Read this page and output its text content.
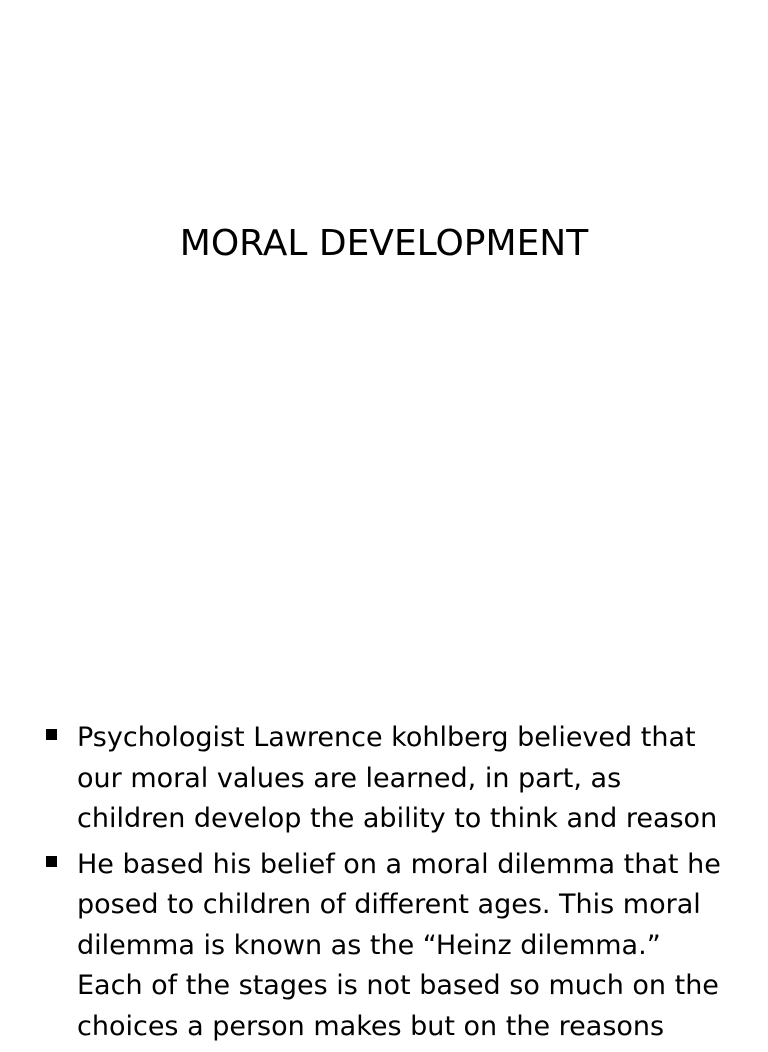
MORAL DEVELOPMENT
Psychologist Lawrence kohlberg believed that our moral values are learned, in part, as children develop the ability to think and reason
He based his belief on a moral dilemma that he posed to children of different ages. This moral dilemma is known as the “Heinz dilemma.” Each of the stages is not based so much on the choices a person makes but on the reasons
